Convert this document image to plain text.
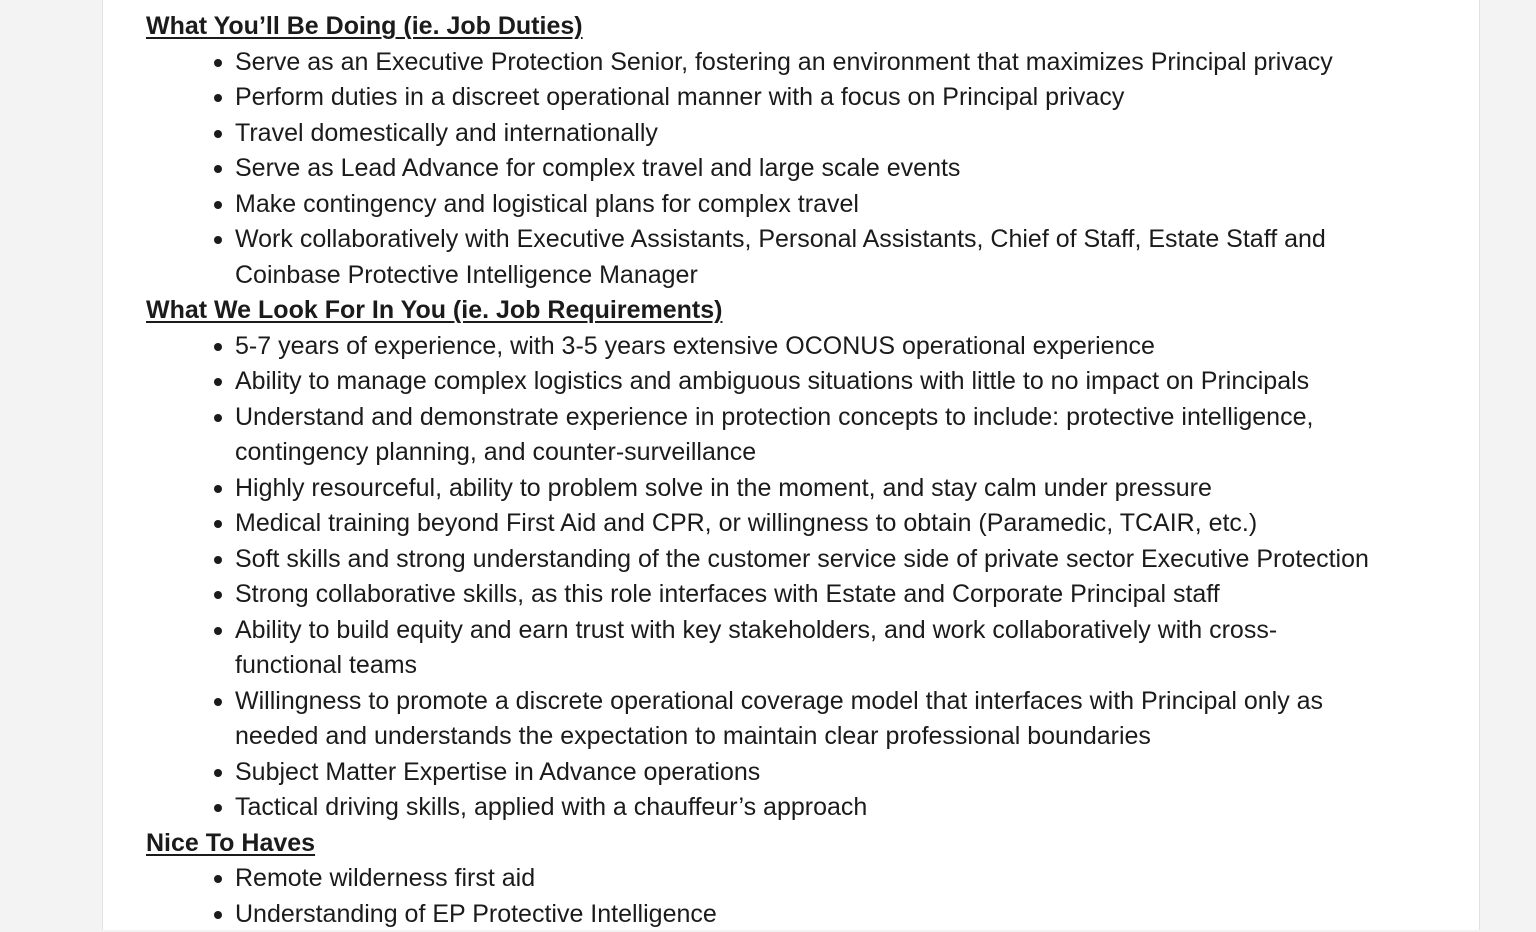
What You’ll Be Doing (ie. Job Duties)
Serve as an Executive Protection Senior, fostering an environment that maximizes Principal privacy
Perform duties in a discreet operational manner with a focus on Principal privacy
Travel domestically and internationally
Serve as Lead Advance for complex travel and large scale events
Make contingency and logistical plans for complex travel
Work collaboratively with Executive Assistants, Personal Assistants, Chief of Staff, Estate Staff and
Coinbase Protective Intelligence Manager
What We Look For In You (ie. Job Requirements)
5-7 years of experience, with 3-5 years extensive OCONUS operational experience
Ability to manage complex logistics and ambiguous situations with little to no impact on Principals
Understand and demonstrate experience in protection concepts to include: protective intelligence,
contingency planning, and counter-surveillance
Highly resourceful, ability to problem solve in the moment, and stay calm under pressure
Medical training beyond First Aid and CPR, or willingness to obtain (Paramedic, TCAIR, etc.)
Soft skills and strong understanding of the customer service side of private sector Executive Protection
Strong collaborative skills, as this role interfaces with Estate and Corporate Principal staff
Ability to build equity and earn trust with key stakeholders, and work collaboratively with cross-
functional teams
Willingness to promote a discrete operational coverage model that interfaces with Principal only as
needed and understands the expectation to maintain clear professional boundaries
Subject Matter Expertise in Advance operations
Tactical driving skills, applied with a chauffeur’s approach
Nice To Haves
Remote wilderness first aid
Understanding of EP Protective Intelligence
